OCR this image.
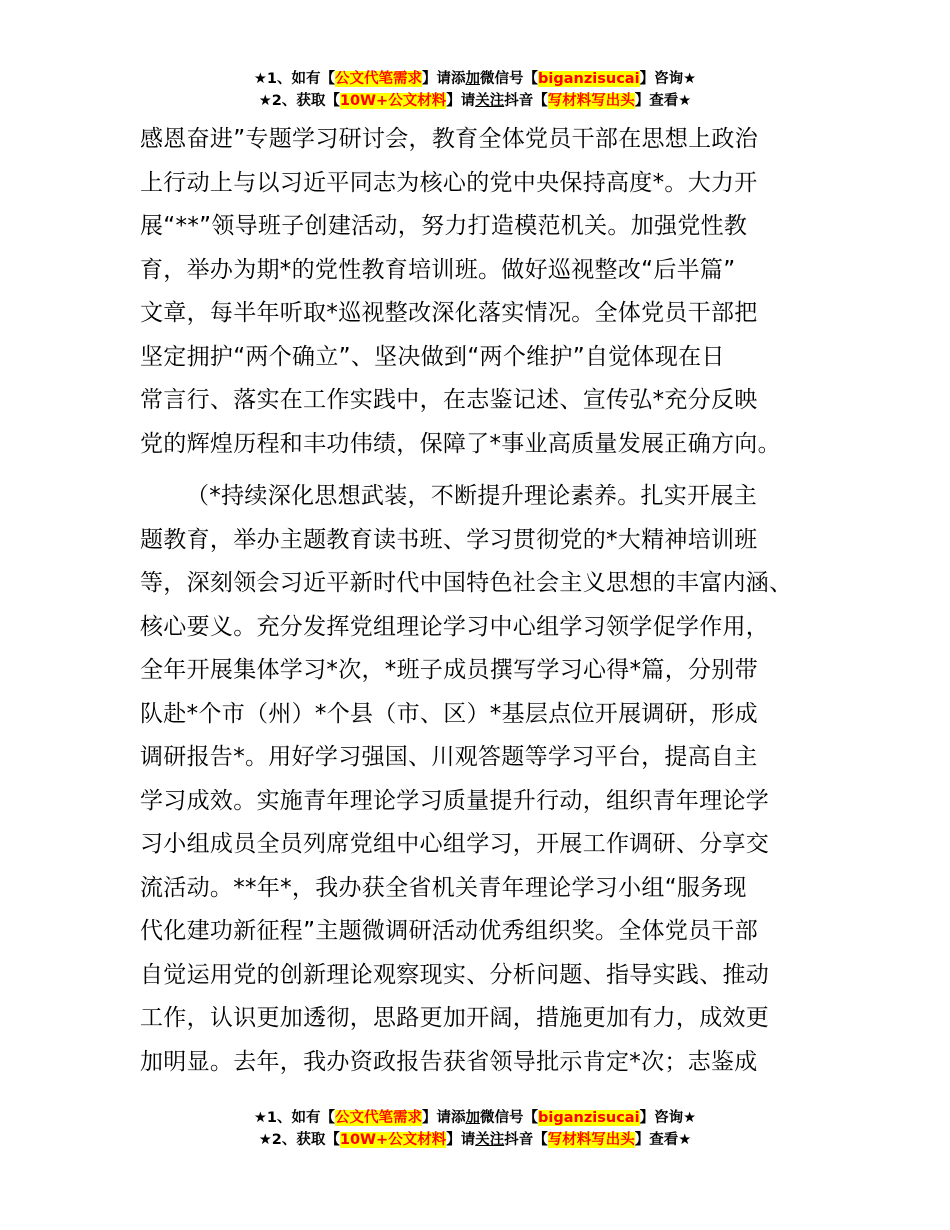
★1、如有【公文代笔需求】请添加微信号【biganzisucai】咨询★
★2、获取【10W+公文材料】请关注抖音【写材料写出头】查看★
感恩奋进”专题学习研讨会，教育全体党员干部在思想上政治
上行动上与以习近平同志为核心的党中央保持高度*。大力开
展“**”领导班子创建活动，努力打造模范机关。加强党性教
育，举办为期*的党性教育培训班。做好巡视整改“后半篇”
文章，每半年听取*巡视整改深化落实情况。全体党员干部把
坚定拥护“两个确立”、坚决做到“两个维护”自觉体现在日
常言行、落实在工作实践中，在志鉴记述、宣传弘*充分反映
党的辉煌历程和丰功伟绩，保障了*事业高质量发展正确方向。
（*持续深化思想武装，不断提升理论素养。扎实开展主
题教育，举办主题教育读书班、学习贯彻党的*大精神培训班
等，深刻领会习近平新时代中国特色社会主义思想的丰富内涵、
核心要义。充分发挥党组理论学习中心组学习领学促学作用，
全年开展集体学习*次，*班子成员撰写学习心得*篇，分别带
队赴*个市（州）*个县（市、区）*基层点位开展调研，形成
调研报告*。用好学习强国、川观答题等学习平台，提高自主
学习成效。实施青年理论学习质量提升行动，组织青年理论学
习小组成员全员列席党组中心组学习，开展工作调研、分享交
流活动。**年*，我办获全省机关青年理论学习小组“服务现
代化建功新征程”主题微调研活动优秀组织奖。全体党员干部
自觉运用党的创新理论观察现实、分析问题、指导实践、推动
工作，认识更加透彻，思路更加开阔，措施更加有力，成效更
加明显。去年，我办资政报告获省领导批示肯定*次；志鉴成
★1、如有【公文代笔需求】请添加微信号【biganzisucai】咨询★
★2、获取【10W+公文材料】请关注抖音【写材料写出头】查看★
